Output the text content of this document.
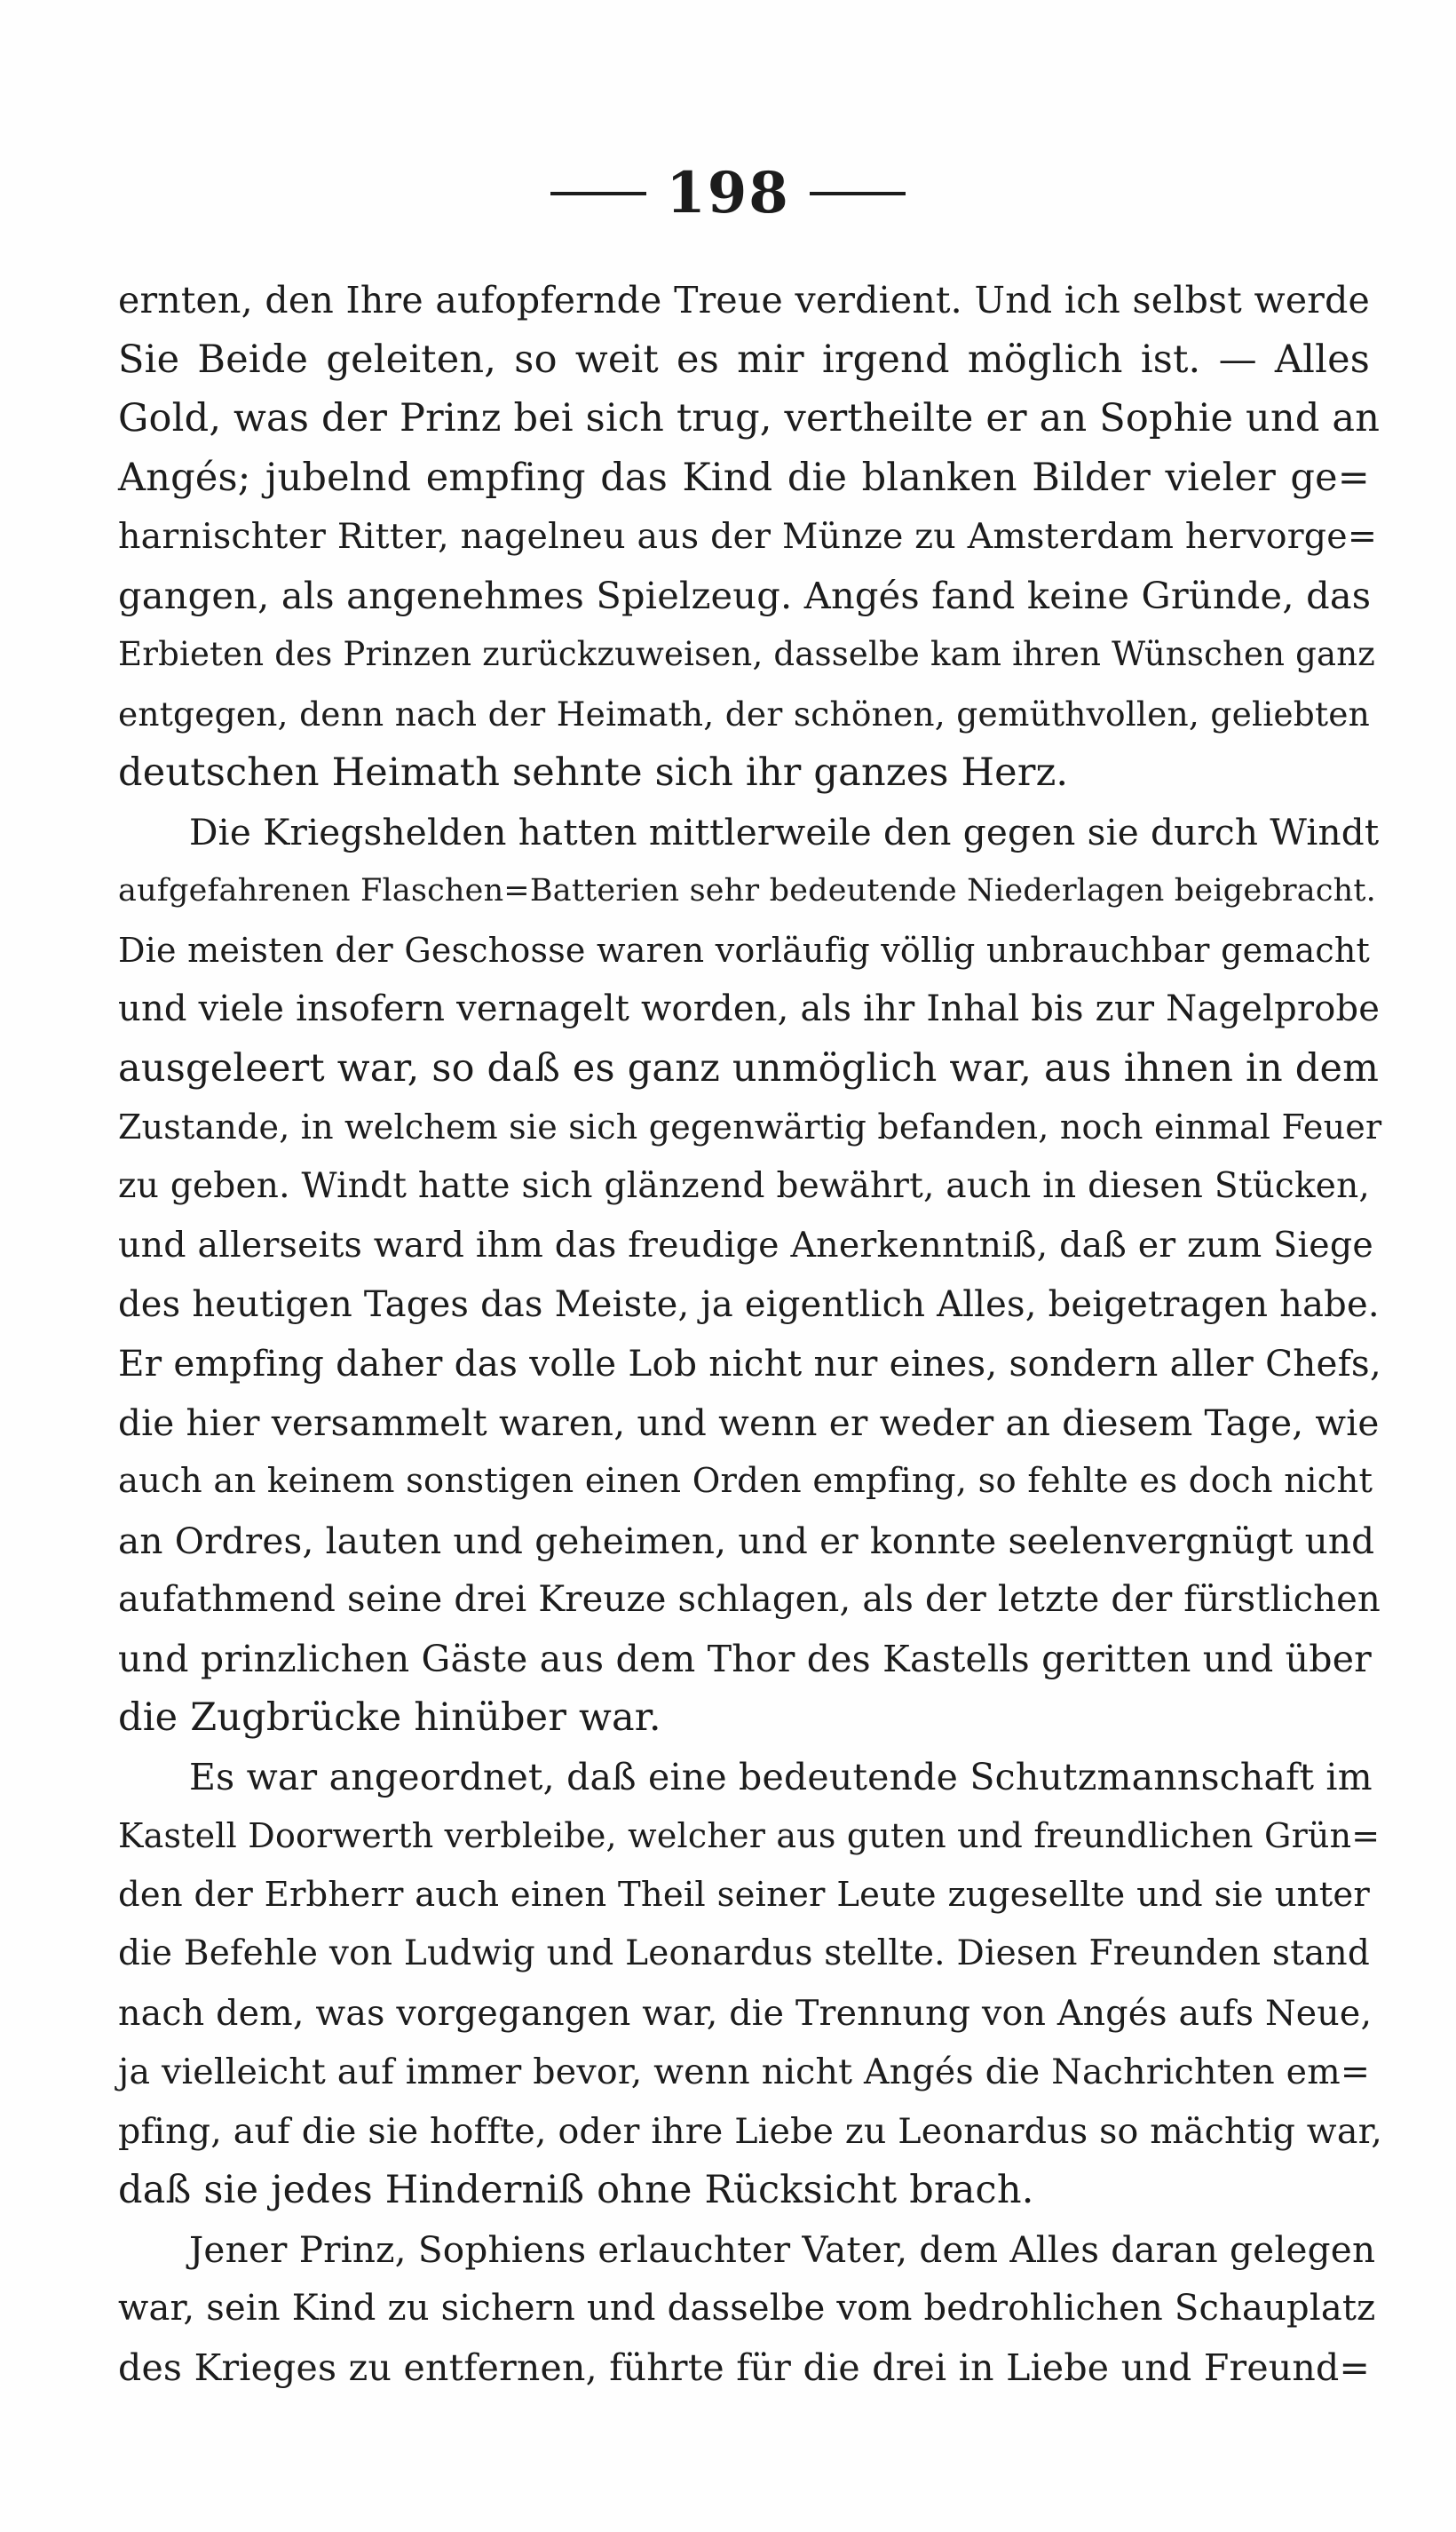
198
ernten, den Ihre aufopfernde Treue verdient. Und ich selbst werde
Sie Beide geleiten, so weit es mir irgend möglich ist. — Alles
Gold, was der Prinz bei sich trug, vertheilte er an Sophie und an
Angés; jubelnd empfing das Kind die blanken Bilder vieler ge=
harnischter Ritter, nagelneu aus der Münze zu Amsterdam hervorge=
gangen, als angenehmes Spielzeug. Angés fand keine Gründe, das
Erbieten des Prinzen zurückzuweisen, dasselbe kam ihren Wünschen ganz
entgegen, denn nach der Heimath, der schönen, gemüthvollen, geliebten
deutschen Heimath sehnte sich ihr ganzes Herz.
Die Kriegshelden hatten mittlerweile den gegen sie durch Windt
aufgefahrenen Flaschen=Batterien sehr bedeutende Niederlagen beigebracht.
Die meisten der Geschosse waren vorläufig völlig unbrauchbar gemacht
und viele insofern vernagelt worden, als ihr Inhal bis zur Nagelprobe
ausgeleert war, so daß es ganz unmöglich war, aus ihnen in dem
Zustande, in welchem sie sich gegenwärtig befanden, noch einmal Feuer
zu geben. Windt hatte sich glänzend bewährt, auch in diesen Stücken,
und allerseits ward ihm das freudige Anerkenntniß, daß er zum Siege
des heutigen Tages das Meiste, ja eigentlich Alles, beigetragen habe.
Er empfing daher das volle Lob nicht nur eines, sondern aller Chefs,
die hier versammelt waren, und wenn er weder an diesem Tage, wie
auch an keinem sonstigen einen Orden empfing, so fehlte es doch nicht
an Ordres, lauten und geheimen, und er konnte seelenvergnügt und
aufathmend seine drei Kreuze schlagen, als der letzte der fürstlichen
und prinzlichen Gäste aus dem Thor des Kastells geritten und über
die Zugbrücke hinüber war.
Es war angeordnet, daß eine bedeutende Schutzmannschaft im
Kastell Doorwerth verbleibe, welcher aus guten und freundlichen Grün=
den der Erbherr auch einen Theil seiner Leute zugesellte und sie unter
die Befehle von Ludwig und Leonardus stellte. Diesen Freunden stand
nach dem, was vorgegangen war, die Trennung von Angés aufs Neue,
ja vielleicht auf immer bevor, wenn nicht Angés die Nachrichten em=
pfing, auf die sie hoffte, oder ihre Liebe zu Leonardus so mächtig war,
daß sie jedes Hinderniß ohne Rücksicht brach.
Jener Prinz, Sophiens erlauchter Vater, dem Alles daran gelegen
war, sein Kind zu sichern und dasselbe vom bedrohlichen Schauplatz
des Krieges zu entfernen, führte für die drei in Liebe und Freund=
